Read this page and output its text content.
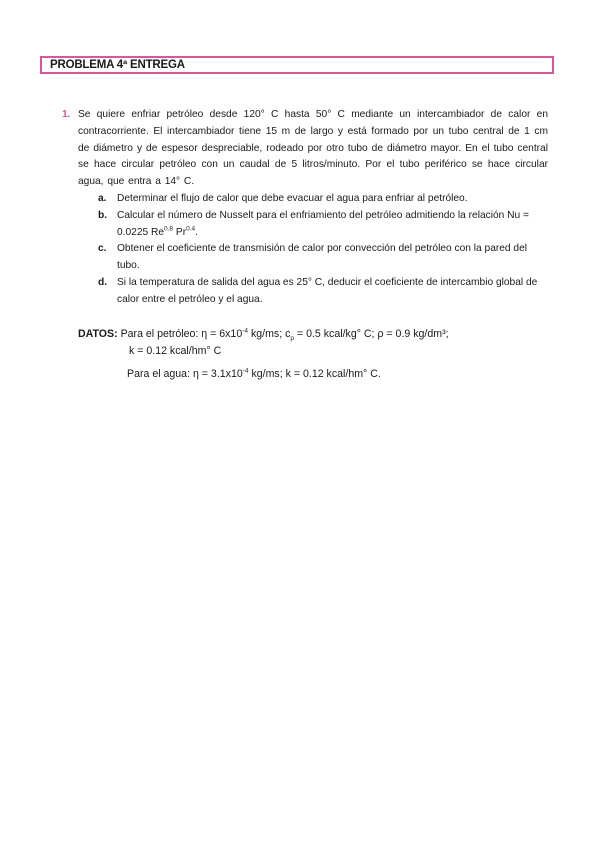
PROBLEMA 4ª ENTREGA
1. Se quiere enfriar petróleo desde 120° C hasta 50° C mediante un intercambiador de calor en contracorriente. El intercambiador tiene 15 m de largo y está formado por un tubo central de 1 cm de diámetro y de espesor despreciable, rodeado por otro tubo de diámetro mayor. En el tubo central se hace circular petróleo con un caudal de 5 litros/minuto. Por el tubo periférico se hace circular agua, que entra a 14° C.
a. Determinar el flujo de calor que debe evacuar el agua para enfriar al petróleo.
b. Calcular el número de Nusselt para el enfriamiento del petróleo admitiendo la relación Nu = 0.0225 $Re^{0.8}$ $Pr^{0.4}$.
c. Obtener el coeficiente de transmisión de calor por convección del petróleo con la pared del tubo.
d. Si la temperatura de salida del agua es 25° C, deducir el coeficiente de intercambio global de calor entre el petróleo y el agua.
DATOS: Para el petróleo: $\eta = 6x10^{-4}$ kg/ms; $c_p = 0.5$ kcal/kg° C; ρ = 0.9 kg/dm³;
k = 0.12 kcal/hm° C
Para el agua: $\eta = 3.1x10^{-4}$ kg/ms; k = 0.12 kcal/hm° C.
